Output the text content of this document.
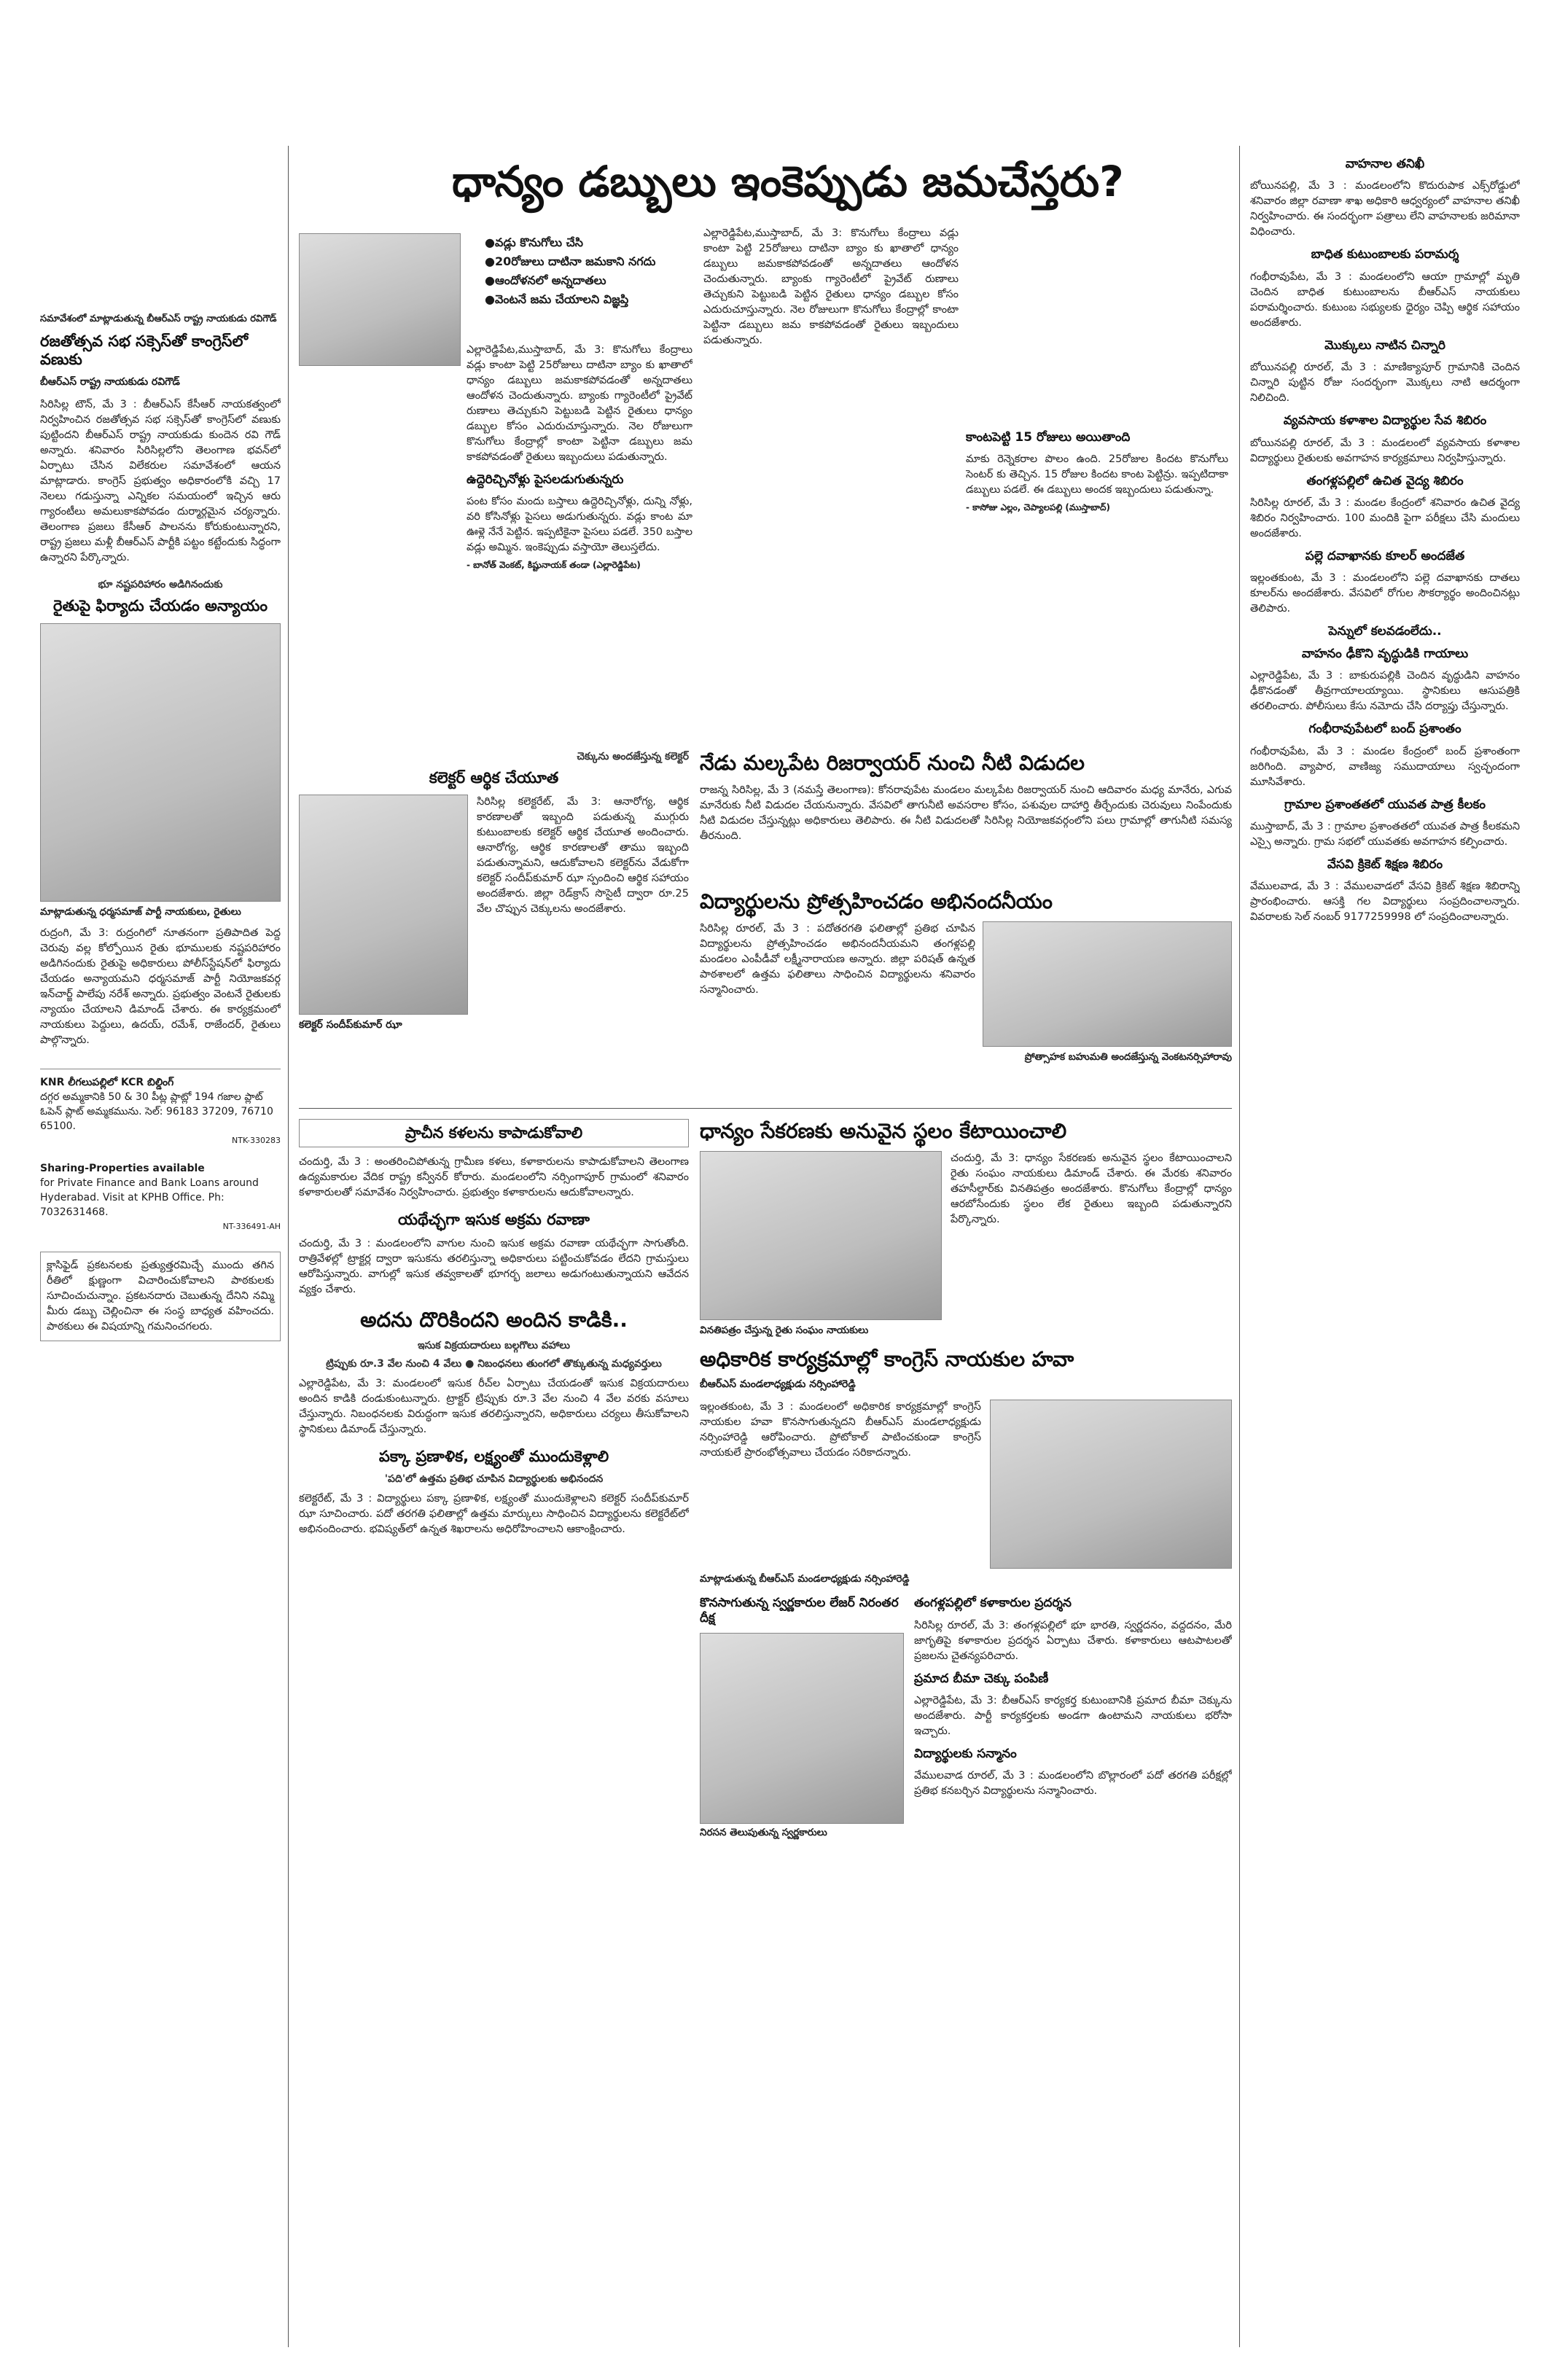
ధాన్యం డబ్బులు ఇంకెప్పుడు జమచేస్తరు?
సమావేశంలో మాట్లాడుతున్న బీఆర్ఎస్ రాష్ట్ర నాయకుడు రవిగౌడ్
రజతోత్సవ సభ సక్సెస్‌తో కాంగ్రెస్‌లో వణుకు
బీఆర్ఎస్ రాష్ట్ర నాయకుడు రవిగౌడ్

సిరిసిల్ల టౌన్, మే 3 : బీఆర్ఎస్ కేసీఆర్ నాయకత్వంలో నిర్వహించిన రజతోత్సవ సభ సక్సెస్‌తో కాంగ్రెస్‌లో వణుకు పుట్టిందని బీఆర్ఎస్ రాష్ట్ర నాయకుడు కుందెన రవి గౌడ్ అన్నారు. శనివారం సిరిసిల్లలోని తెలంగాణ భవన్‌లో ఏర్పాటు చేసిన విలేకరుల సమావేశంలో ఆయన మాట్లాడారు. కాంగ్రెస్ ప్రభుత్వం అధికారంలోకి వచ్చి 17 నెలలు గడుస్తున్నా ఎన్నికల సమయంలో ఇచ్చిన ఆరు గ్యారంటీలు అమలుకాకపోవడం దుర్మార్గమైన చర్యన్నారు. తెలంగాణ ప్రజలు కేసీఆర్ పాలనను కోరుకుంటున్నారని, రాష్ట్ర ప్రజలు మళ్లీ బీఆర్ఎస్ పార్టీకి పట్టం కట్టేందుకు సిద్ధంగా ఉన్నారని పేర్కొన్నారు.

భూ నష్టపరిహారం అడిగినందుకు
రైతుపై ఫిర్యాదు చేయడం అన్యాయం
మాట్లాడుతున్న ధర్మసమాజ్ పార్టీ నాయకులు, రైతులు

రుద్రంగి, మే 3: రుద్రంగిలో నూతనంగా ప్రతిపాదిత పెద్ద చెరువు వల్ల కోల్పోయిన రైతు భూములకు నష్టపరిహారం అడిగినందుకు రైతుపై అధికారులు పోలీస్‌స్టేషన్‌లో ఫిర్యాదు చేయడం అన్యాయమని ధర్మసమాజ్ పార్టీ నియోజకవర్గ ఇన్‌చార్జ్ పాలేపు నరేశ్ అన్నారు. ప్రభుత్వం వెంటనే రైతులకు న్యాయం చేయాలని డిమాండ్ చేశారు. ఈ కార్యక్రమంలో నాయకులు పెద్దులు, ఉదయ్, రమేశ్, రాజేందర్, రైతులు పాల్గొన్నారు.

KNR లీగలుపల్లిలో KCR బిల్డింగ్
దగ్గర అమ్మకానికి 50 & 30 పీట్ల ప్లాట్లో 194 గజాల ప్లాట్ ఓపెన్ ప్లాట్ అమ్మకమును. సెల్: 96183 37209, 76710 65100.
NTK-330283
Sharing-Properties available
for Private Finance and Bank Loans around Hyderabad. Visit at KPHB Office. Ph: 7032631468.
NT-336491-AH

క్లాసిఫైడ్ ప్రకటనలకు ప్రత్యుత్తరమిచ్చే ముందు తగిన రీతిలో క్షుణ్ణంగా విచారించుకోవాలని పాఠకులకు సూచించుచున్నాం. ప్రకటనదారు చెబుతున్న దేనిని నమ్మి మీరు డబ్బు చెల్లించినా ఈ సంస్థ బాధ్యత వహించదు. పాఠకులు ఈ విషయాన్ని గమనించగలరు.

● వడ్లు కొనుగోలు చేసి
● 20రోజులు దాటినా జమకాని నగదు
● ఆందోళనలో అన్నదాతలు
● వెంటనే జమ చేయాలని విజ్ఞప్తి

ఎల్లారెడ్డిపేట,ముస్తాబాద్, మే 3: కొనుగోలు కేంద్రాలు వడ్లు కాంటా పెట్టి 25రోజులు దాటినా బ్యాం కు ఖాతాలో ధాన్యం డబ్బులు జమకాకపోవడంతో అన్నదాతలు ఆందోళన చెందుతున్నారు. బ్యాంకు గ్యారెంటీలో ప్రైవేట్ రుణాలు తెచ్చుకుని పెట్టుబడి పెట్టిన రైతులు ధాన్యం డబ్బుల కోసం ఎదురుచూస్తున్నారు. నెల రోజులుగా కొనుగోలు కేంద్రాల్లో కాంటా పెట్టినా డబ్బులు జమ కాకపోవడంతో రైతులు ఇబ్బందులు పడుతున్నారు.

ఉద్దెరిచ్చినోళ్లు పైసలడుగుతున్నరు

పంట కోసం మందు బస్తాలు ఉద్దెరిచ్చినోళ్లు, దున్ని నోళ్లు, వరి కోసినోళ్లు పైసలు అడుగుతున్నరు. వడ్లు కాంట మా ఊళ్లె నేనే పెట్టిన. ఇప్పటికైనా పైసలు పడలే. 350 బస్తాల వడ్లు అమ్మిన. ఇంకెప్పుడు వస్తాయో తెలుస్తలేదు.

- బానోత్ వెంకట్, కిష్టునాయక్ తండా (ఎల్లారెడ్డిపేట)

ఎల్లారెడ్డిపేట,ముస్తాబాద్, మే 3: కొనుగోలు కేంద్రాలు వడ్లు కాంటా పెట్టి 25రోజులు దాటినా బ్యాం కు ఖాతాలో ధాన్యం డబ్బులు జమకాకపోవడంతో అన్నదాతలు ఆందోళన చెందుతున్నారు. బ్యాంకు గ్యారెంటీలో ప్రైవేట్ రుణాలు తెచ్చుకుని పెట్టుబడి పెట్టిన రైతులు ధాన్యం డబ్బుల కోసం ఎదురుచూస్తున్నారు. నెల రోజులుగా కొనుగోలు కేంద్రాల్లో కాంటా పెట్టినా డబ్బులు జమ కాకపోవడంతో రైతులు ఇబ్బందులు పడుతున్నారు.

కాంటపెట్టి 15 రోజులు అయితాంది

మాకు రెన్నెకరాల పొలం ఉంది. 25రోజుల కిందట కొనుగోలు సెంటర్ కు తెచ్చిన. 15 రోజుల కిందట కాంట పెట్టిన్రు. ఇప్పటిదాకా డబ్బులు పడలే. ఈ డబ్బులు అందక ఇబ్బందులు పడుతున్నా.

- కాసోజు ఎల్లం, చెప్యాలపల్లి (ముస్తాబాద్)
చెక్కును అందజేస్తున్న కలెక్టర్
కలెక్టర్ ఆర్థిక చేయూత

సిరిసిల్ల కలెక్టరేట్, మే 3: ఆనారోగ్య, ఆర్థిక కారణాలతో ఇబ్బంది పడుతున్న ముగ్గురు కుటుంబాలకు కలెక్టర్ ఆర్థిక చేయూత అందించారు. ఆనారోగ్య, ఆర్థిక కారణాలతో తాము ఇబ్బంది పడుతున్నామని, ఆదుకోవాలని కలెక్టర్‌ను వేడుకోగా కలెక్టర్ సందీప్‌కుమార్ ఝా స్పందించి ఆర్థిక సహాయం అందజేశారు. జిల్లా రెడ్‌క్రాస్ సొసైటీ ద్వారా రూ.25 వేల చొప్పున చెక్కులను అందజేశారు.

కలెక్టర్ సందీప్‌కుమార్ ఝా
నేడు మల్కపేట రిజర్వాయర్ నుంచి నీటి విడుదల

రాజన్న సిరిసిల్ల, మే 3 (నమస్తే తెలంగాణ): కోనరావుపేట మండలం మల్కపేట రిజర్వాయర్ నుంచి ఆదివారం మధ్య మానేరు, ఎగువ మానేరుకు నీటి విడుదల చేయనున్నారు. వేసవిలో తాగునీటి అవసరాల కోసం, పశువుల దాహార్తి తీర్చేందుకు చెరువులు నింపేందుకు నీటి విడుదల చేస్తున్నట్లు అధికారులు తెలిపారు. ఈ నీటి విడుదలతో సిరిసిల్ల నియోజకవర్గంలోని పలు గ్రామాల్లో తాగునీటి సమస్య తీరనుంది.

విద్యార్థులను ప్రోత్సహించడం అభినందనీయం

సిరిసిల్ల రూరల్, మే 3 : పదోతరగతి ఫలితాల్లో ప్రతిభ చూపిన విద్యార్థులను ప్రోత్సహించడం అభినందనీయమని తంగళ్లపల్లి మండలం ఎంపీడీవో లక్ష్మీనారాయణ అన్నారు. జిల్లా పరిషత్ ఉన్నత పాఠశాలలో ఉత్తమ ఫలితాలు సాధించిన విద్యార్థులను శనివారం సన్మానించారు.

ప్రోత్సాహక బహుమతి అందజేస్తున్న వెంకటనర్సిహారావు
ప్రాచీన కళలను కాపాడుకోవాలి

చందుర్తి, మే 3 : అంతరించిపోతున్న గ్రామీణ కళలు, కళాకారులను కాపాడుకోవాలని తెలంగాణ ఉద్యమకారుల వేదిక రాష్ట్ర కన్వీనర్ కోరారు. మండలంలోని నర్సింగాపూర్ గ్రామంలో శనివారం కళాకారులతో సమావేశం నిర్వహించారు. ప్రభుత్వం కళాకారులను ఆదుకోవాలన్నారు.

యథేచ్ఛగా ఇసుక అక్రమ రవాణా

చందుర్తి, మే 3 : మండలంలోని వాగుల నుంచి ఇసుక అక్రమ రవాణా యథేచ్ఛగా సాగుతోంది. రాత్రివేళల్లో ట్రాక్టర్ల ద్వారా ఇసుకను తరలిస్తున్నా అధికారులు పట్టించుకోవడం లేదని గ్రామస్తులు ఆరోపిస్తున్నారు. వాగుల్లో ఇసుక తవ్వకాలతో భూగర్భ జలాలు అడుగంటుతున్నాయని ఆవేదన వ్యక్తం చేశారు.

అదను దొరికిందని అందిన కాడికి..
ఇసుక విక్రయదారులు బల్గగొలు వహాలు
ట్రిప్పుకు రూ.3 వేల నుంచి 4 వేలు ● నిబంధనలు తుంగలో తొక్కుతున్న మధ్యవర్తులు

ఎల్లారెడ్డిపేట, మే 3: మండలంలో ఇసుక రీచ్‌ల ఏర్పాటు చేయడంతో ఇసుక విక్రయదారులు అందిన కాడికి దండుకుంటున్నారు. ట్రాక్టర్ ట్రిప్పుకు రూ.3 వేల నుంచి 4 వేల వరకు వసూలు చేస్తున్నారు. నిబంధనలకు విరుద్ధంగా ఇసుక తరలిస్తున్నారని, అధికారులు చర్యలు తీసుకోవాలని స్థానికులు డిమాండ్ చేస్తున్నారు.

పక్కా ప్రణాళిక, లక్ష్యంతో ముందుకెళ్లాలి
'పది'లో ఉత్తమ ప్రతిభ చూపిన విద్యార్థులకు అభినందన

కలెక్టరేట్, మే 3 : విద్యార్థులు పక్కా ప్రణాళిక, లక్ష్యంతో ముందుకెళ్లాలని కలెక్టర్ సందీప్‌కుమార్ ఝా సూచించారు. పదో తరగతి ఫలితాల్లో ఉత్తమ మార్కులు సాధించిన విద్యార్థులను కలెక్టరేట్‌లో అభినందించారు. భవిష్యత్‌లో ఉన్నత శిఖరాలను అధిరోహించాలని ఆకాంక్షించారు.

ధాన్యం సేకరణకు అనువైన స్థలం కేటాయించాలి

చందుర్తి, మే 3: ధాన్యం సేకరణకు అనువైన స్థలం కేటాయించాలని రైతు సంఘం నాయకులు డిమాండ్ చేశారు. ఈ మేరకు శనివారం తహసీల్దార్‌కు వినతిపత్రం అందజేశారు. కొనుగోలు కేంద్రాల్లో ధాన్యం ఆరబోసేందుకు స్థలం లేక రైతులు ఇబ్బంది పడుతున్నారని పేర్కొన్నారు.

వినతిపత్రం చేస్తున్న రైతు సంఘం నాయకులు
అధికారిక కార్యక్రమాల్లో కాంగ్రెస్ నాయకుల హవా
బీఆర్ఎస్ మండలాధ్యక్షుడు నర్సింహారెడ్డి

ఇల్లంతకుంట, మే 3 : మండలంలో అధికారిక కార్యక్రమాల్లో కాంగ్రెస్ నాయకుల హవా కొనసాగుతున్నదని బీఆర్ఎస్ మండలాధ్యక్షుడు నర్సింహారెడ్డి ఆరోపించారు. ప్రోటోకాల్ పాటించకుండా కాంగ్రెస్ నాయకులే ప్రారంభోత్సవాలు చేయడం సరికాదన్నారు.

మాట్లాడుతున్న బీఆర్ఎస్ మండలాధ్యక్షుడు నర్సింహారెడ్డి
కొనసాగుతున్న స్వర్ణకారుల లేజర్ నిరంతర దీక్ష
నిరసన తెలుపుతున్న స్వర్ణకారులు
తంగళ్లపల్లిలో కళాకారుల ప్రదర్శన

సిరిసిల్ల రూరల్, మే 3: తంగళ్లపల్లిలో భూ భారతి, స్వర్ణదనం, వద్దదనం, మేరి జాగృతిపై కళాకారుల ప్రదర్శన ఏర్పాటు చేశారు. కళాకారులు ఆటపాటలతో ప్రజలను చైతన్యపరిచారు.

ప్రమాద బీమా చెక్కు పంపిణీ

ఎల్లారెడ్డిపేట, మే 3: బీఆర్ఎస్ కార్యకర్త కుటుంబానికి ప్రమాద బీమా చెక్కును అందజేశారు. పార్టీ కార్యకర్తలకు అండగా ఉంటామని నాయకులు భరోసా ఇచ్చారు.

విద్యార్థులకు సన్మానం

వేములవాడ రూరల్, మే 3 : మండలంలోని బొల్లారంలో పదో తరగతి పరీక్షల్లో ప్రతిభ కనబర్చిన విద్యార్థులను సన్మానించారు.

వాహనాల తనిఖీ

బోయినపల్లి, మే 3 : మండలంలోని కొదురుపాక ఎక్స్‌రోడ్డులో శనివారం జిల్లా రవాణా శాఖ అధికారి ఆధ్వర్యంలో వాహనాల తనిఖీ నిర్వహించారు. ఈ సందర్భంగా పత్రాలు లేని వాహనాలకు జరిమానా విధించారు.

బాధిత కుటుంబాలకు పరామర్శ

గంభీరావుపేట, మే 3 : మండలంలోని ఆయా గ్రామాల్లో మృతి చెందిన బాధిత కుటుంబాలను బీఆర్ఎస్ నాయకులు పరామర్శించారు. కుటుంబ సభ్యులకు ధైర్యం చెప్పి ఆర్థిక సహాయం అందజేశారు.

మొక్కులు నాటిన చిన్నారి

బోయినపల్లి రూరల్, మే 3 : మాణిక్యాపూర్ గ్రామానికి చెందిన చిన్నారి పుట్టిన రోజు సందర్భంగా మొక్కలు నాటి ఆదర్శంగా నిలిచింది.

వ్యవసాయ కళాశాల విద్యార్థుల సేవ శిబిరం

బోయినపల్లి రూరల్, మే 3 : మండలంలో వ్యవసాయ కళాశాల విద్యార్థులు రైతులకు అవగాహన కార్యక్రమాలు నిర్వహిస్తున్నారు.

తంగళ్లపల్లిలో ఉచిత వైద్య శిబిరం

సిరిసిల్ల రూరల్, మే 3 : మండల కేంద్రంలో శనివారం ఉచిత వైద్య శిబిరం నిర్వహించారు. 100 మందికి పైగా పరీక్షలు చేసి మందులు అందజేశారు.

పల్లె దవాఖానకు కూలర్ అందజేత

ఇల్లంతకుంట, మే 3 : మండలంలోని పల్లె దవాఖానకు దాతలు కూలర్‌ను అందజేశారు. వేసవిలో రోగుల సౌకర్యార్థం అందించినట్లు తెలిపారు.

పెన్నులో కలవడంలేదు..
వాహనం ఢీకొని వృద్ధుడికి గాయాలు

ఎల్లారెడ్డిపేట, మే 3 : బాకురుపల్లికి చెందిన వృద్ధుడిని వాహనం ఢీకొనడంతో తీవ్రగాయాలయ్యాయి. స్థానికులు ఆసుపత్రికి తరలించారు. పోలీసులు కేసు నమోదు చేసి దర్యాప్తు చేస్తున్నారు.

గంభీరావుపేటలో బంద్ ప్రశాంతం

గంభీరావుపేట, మే 3 : మండల కేంద్రంలో బంద్ ప్రశాంతంగా జరిగింది. వ్యాపార, వాణిజ్య సముదాయాలు స్వచ్ఛందంగా మూసివేశారు.

గ్రామాల ప్రశాంతతలో యువత పాత్ర కీలకం

ముస్తాబాద్, మే 3 : గ్రామాల ప్రశాంతతలో యువత పాత్ర కీలకమని ఎస్సై అన్నారు. గ్రామ సభలో యువతకు అవగాహన కల్పించారు.

వేసవి క్రికెట్ శిక్షణ శిబిరం

వేములవాడ, మే 3 : వేములవాడలో వేసవి క్రికెట్ శిక్షణ శిబిరాన్ని ప్రారంభించారు. ఆసక్తి గల విద్యార్థులు సంప్రదించాలన్నారు. వివరాలకు సెల్ నంబర్ 9177259998 లో సంప్రదించాలన్నారు.
